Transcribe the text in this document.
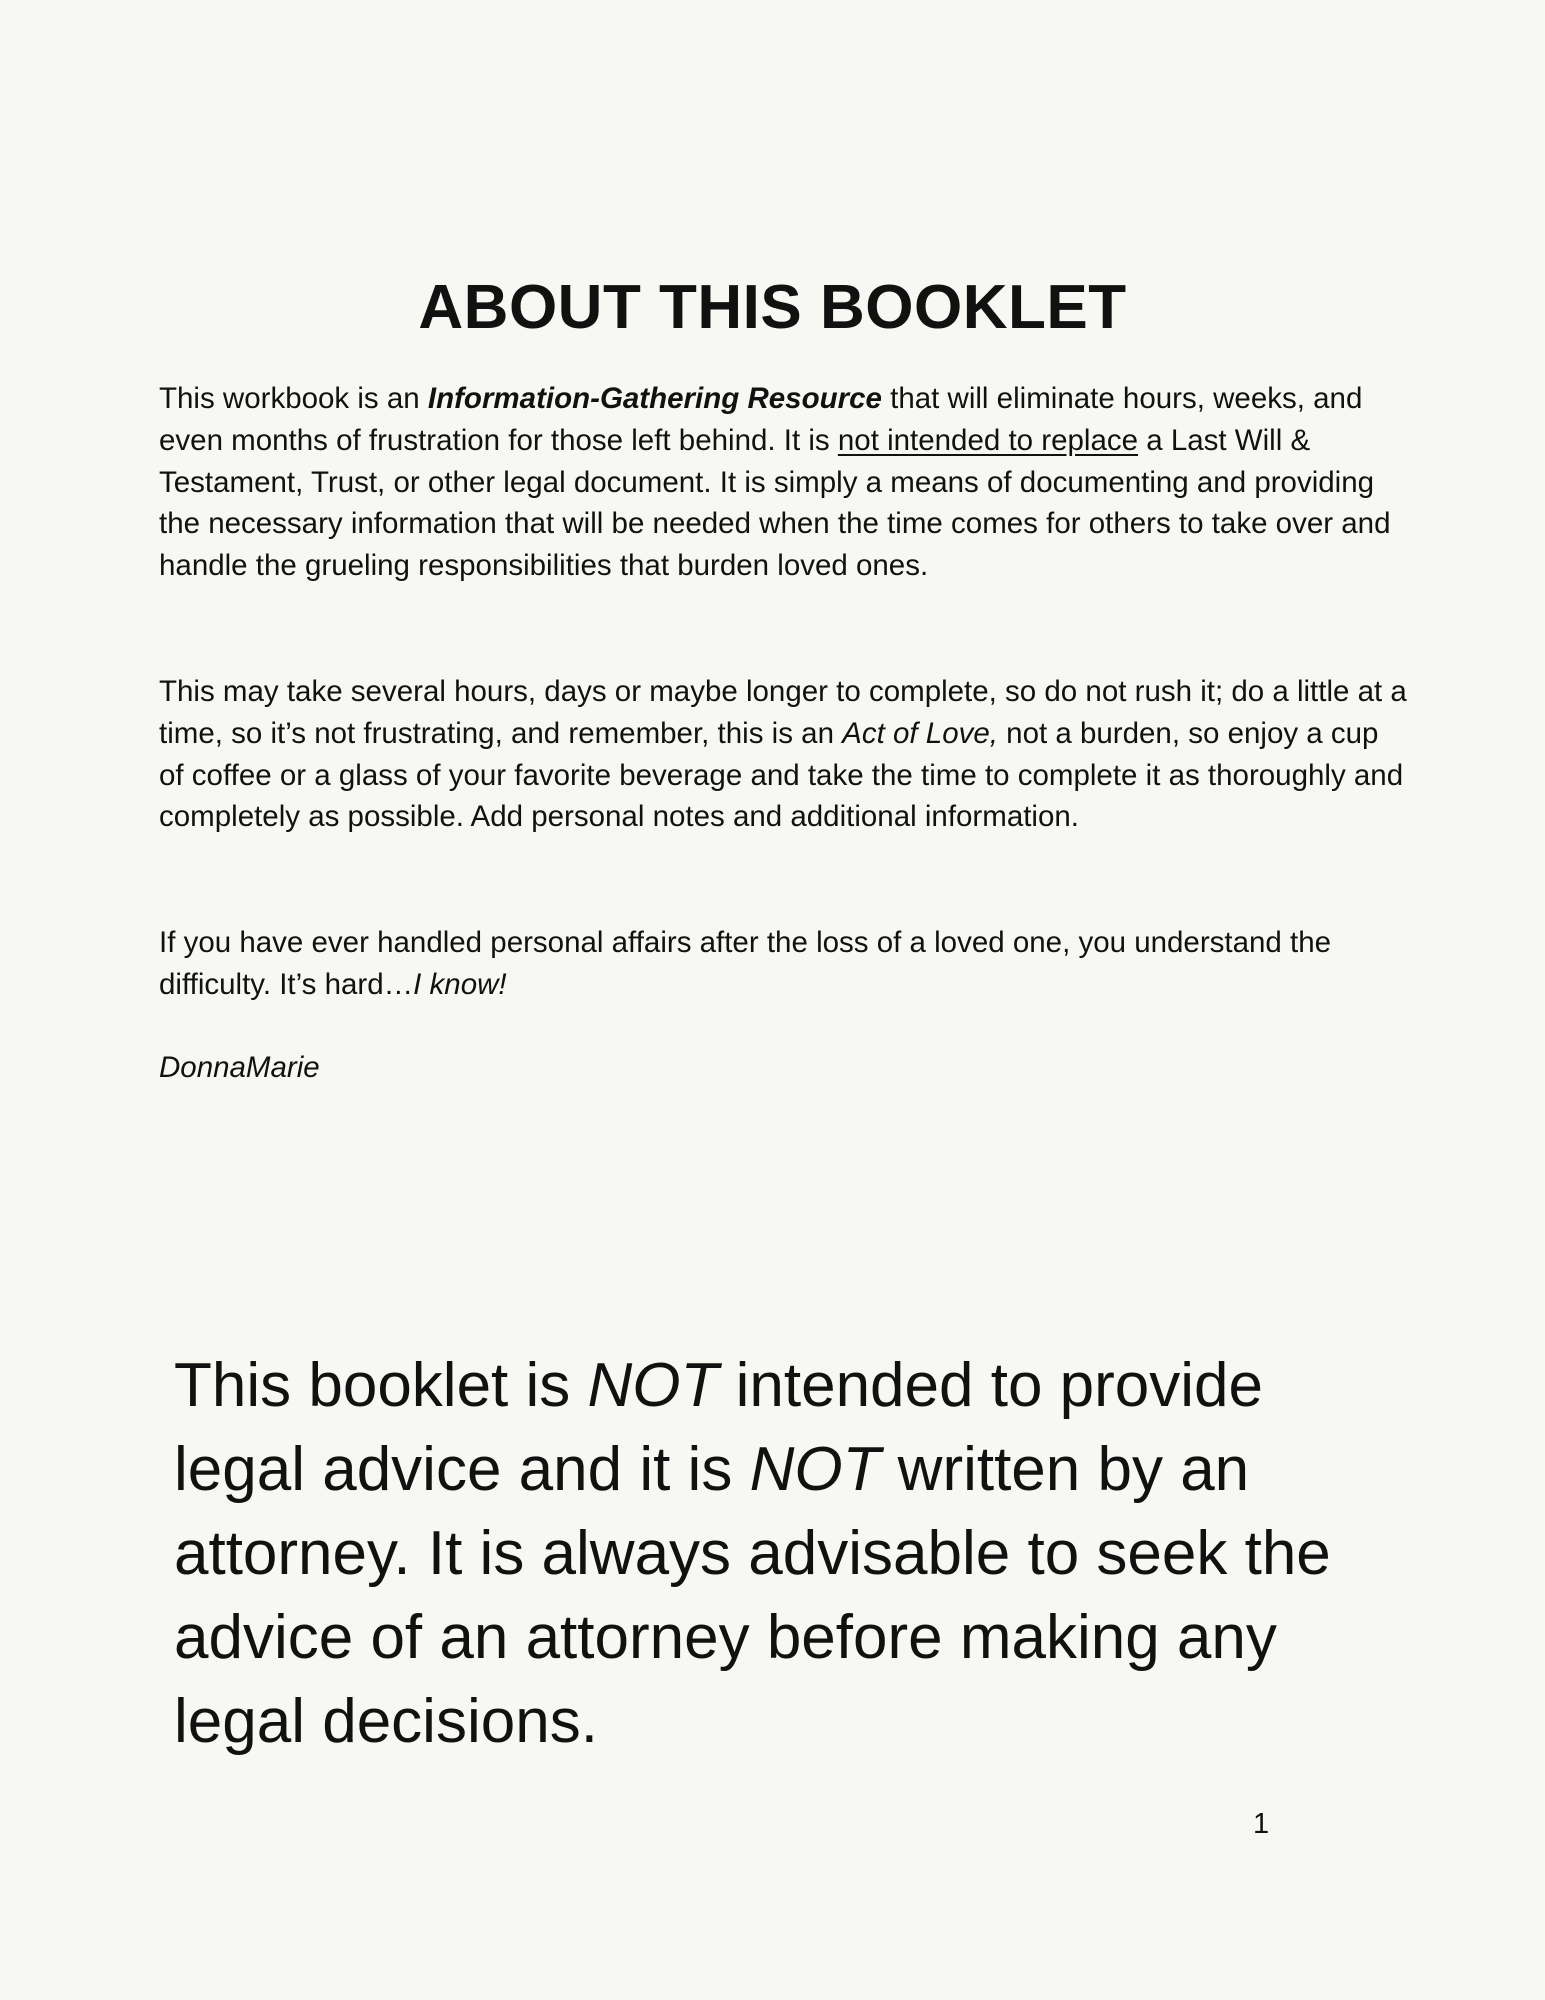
ABOUT THIS BOOKLET

This workbook is an Information-Gathering Resource that will eliminate hours, weeks, and even months of frustration for those left behind. It is not intended to replace a Last Will & Testament, Trust, or other legal document. It is simply a means of documenting and providing the necessary information that will be needed when the time comes for others to take over and handle the grueling responsibilities that burden loved ones.

This may take several hours, days or maybe longer to complete, so do not rush it; do a little at a time, so it’s not frustrating, and remember, this is an Act of Love, not a burden, so enjoy a cup of coffee or a glass of your favorite beverage and take the time to complete it as thoroughly and completely as possible. Add personal notes and additional information.

If you have ever handled personal affairs after the loss of a loved one, you understand the difficulty. It’s hard…I know!

DonnaMarie

This booklet is NOT intended to provide legal advice and it is NOT written by an attorney. It is always advisable to seek the advice of an attorney before making any legal decisions.

1
